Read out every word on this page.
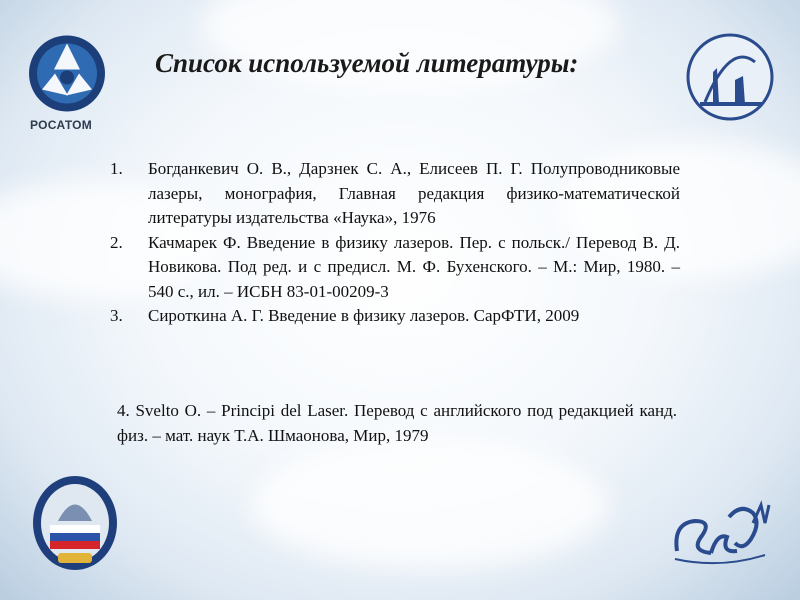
РОСАТОМ
Список используемой литературы:
1. Богданкевич О. В., Дарзнек С. А., Елисеев П. Г. Полупроводниковые лазеры, монография, Главная редакция физико-математической литературы издательства «Наука», 1976
2. Качмарек Ф. Введение в физику лазеров. Пер. с польск./ Перевод В. Д. Новикова. Под ред. и с предисл. М. Ф. Бухенского. – М.: Мир, 1980. – 540 с., ил. – ИСБН 83-01-00209-3
3. Сироткина А. Г. Введение в физику лазеров. СарФТИ, 2009
4. Svelto O. – Principi del Laser. Перевод с английского под редакцией канд. физ. – мат. наук Т.А. Шмаонова, Мир, 1979
